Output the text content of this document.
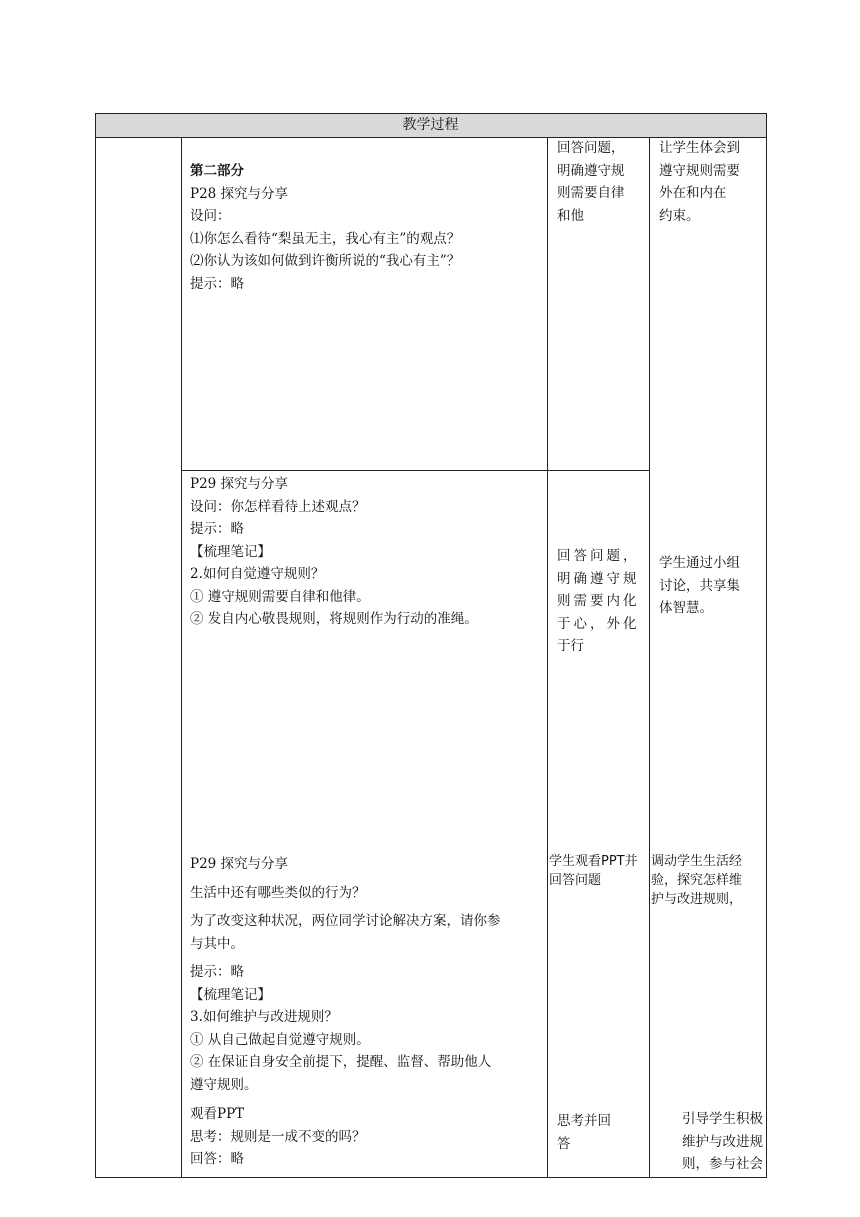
教学过程
第二部分
P28 探究与分享
设问：
⑴你怎么看待“梨虽无主，我心有主”的观点？
⑵你认为该如何做到许衡所说的“我心有主”？
提示：略
回答问题，
明确遵守规
则需要自律
和他
让学生体会到
遵守规则需要
外在和内在
约束。
P29 探究与分享
设问：你怎样看待上述观点？
提示：略
【梳理笔记】
2.如何自觉遵守规则？
① 遵守规则需要自律和他律。
② 发自内心敬畏规则，将规则作为行动的准绳。
回答问题，
明确遵守规
则需要内化
于心，外化
于行
学生通过小组
讨论，共享集
体智慧。
P29 探究与分享
生活中还有哪些类似的行为？
为了改变这种状况，两位同学讨论解决方案，请你参
与其中。
提示：略
【梳理笔记】
3.如何维护与改进规则？
① 从自己做起自觉遵守规则。
② 在保证自身安全前提下，提醒、监督、帮助他人
遵守规则。
学生观看PPT并
回答问题
调动学生生活经
验，探究怎样维
护与改进规则，
观看PPT
思考：规则是一成不变的吗？
回答：略
思考并回
答
引导学生积极
维护与改进规
则，参与社会
